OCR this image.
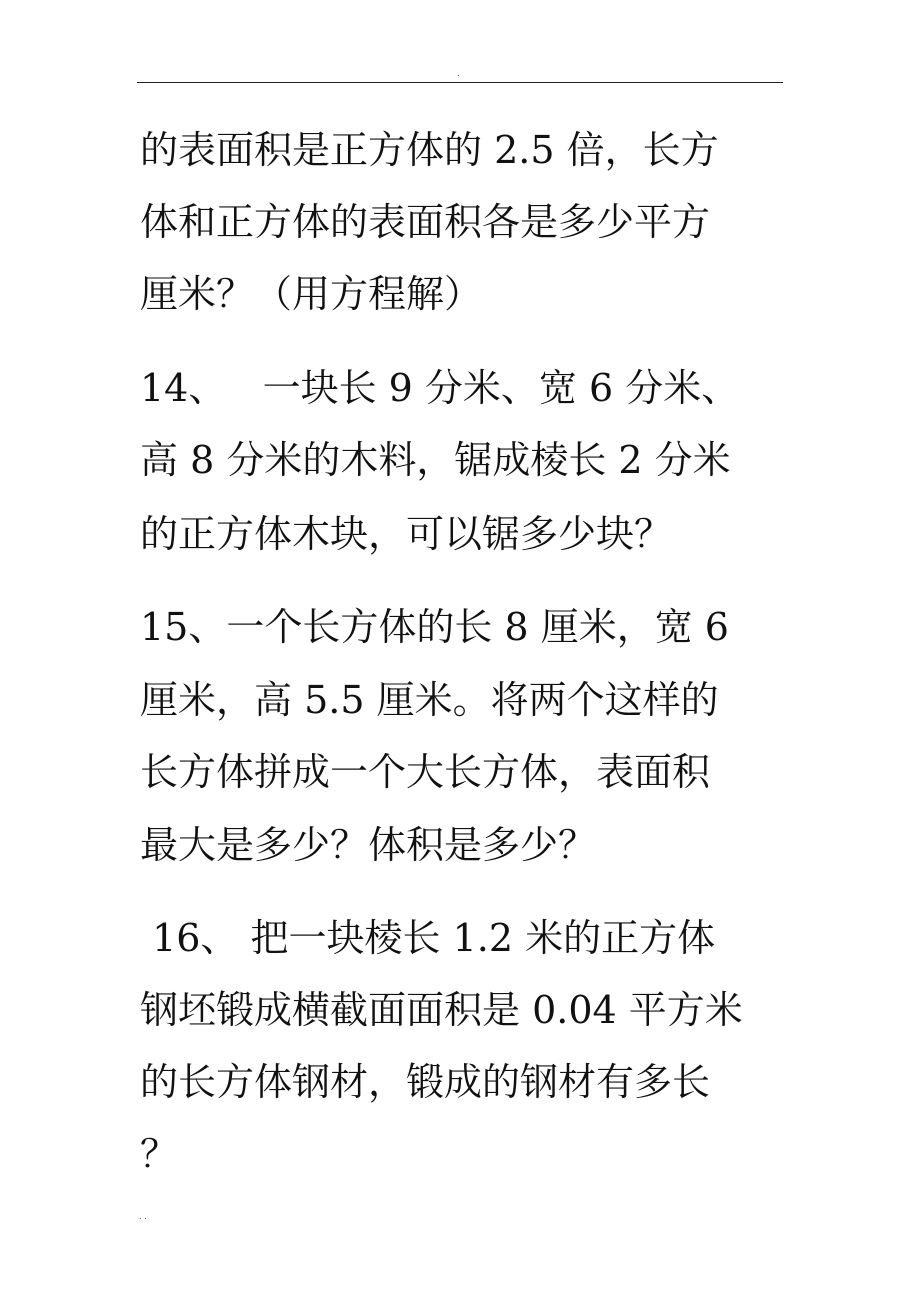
.

的表面积是正方体的 2.5 倍，长方

体和正方体的表面积各是多少平方

厘米？（用方程解）

14、   一块长 9 分米、宽 6 分米、

高 8 分米的木料，锯成棱长 2 分米

的正方体木块，可以锯多少块？

15、一个长方体的长 8 厘米，宽 6

厘米，高 5.5 厘米。将两个这样的

长方体拼成一个大长方体，表面积

最大是多少？体积是多少？

16、 把一块棱长 1.2 米的正方体

钢坯锻成横截面面积是 0.04 平方米

的长方体钢材，锻成的钢材有多长

？

. .
